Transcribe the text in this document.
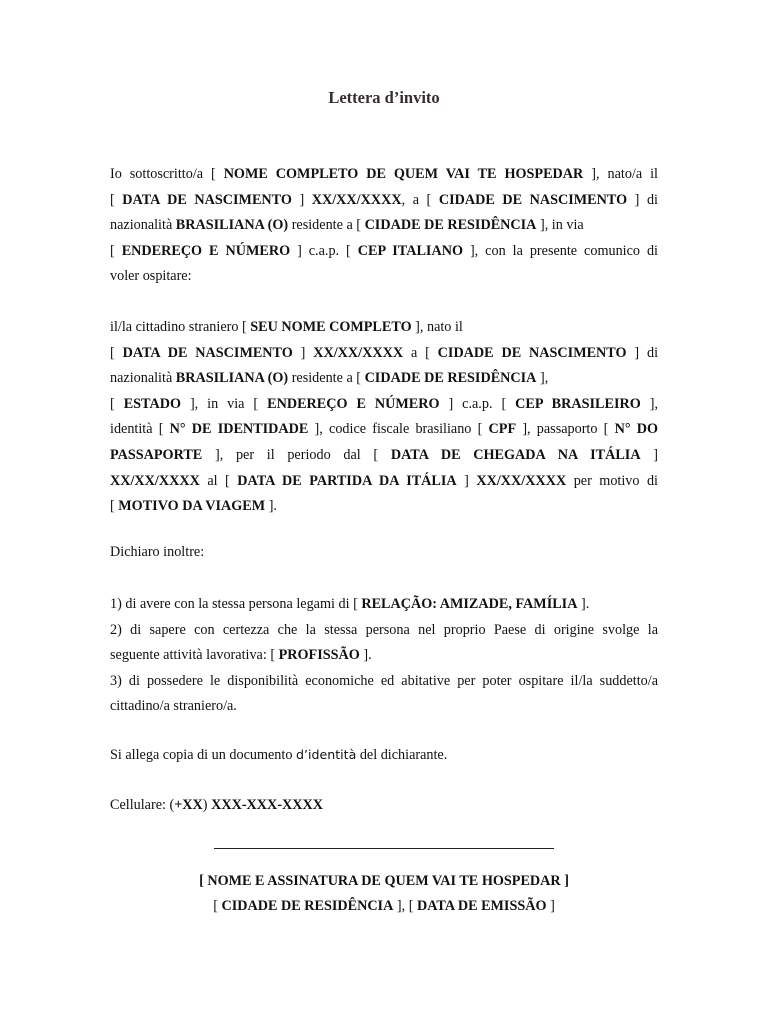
Lettera d’invito
Io sottoscritto/a [ NOME COMPLETO DE QUEM VAI TE HOSPEDAR ], nato/a il
[ DATA DE NASCIMENTO ] XX/XX/XXXX, a [ CIDADE DE NASCIMENTO ] di
nazionalità BRASILIANA (O) residente a [ CIDADE DE RESIDÊNCIA ], in via
[ ENDEREÇO E NÚMERO ] c.a.p. [ CEP ITALIANO ], con la presente comunico di
voler ospitare:
il/la cittadino straniero [ SEU NOME COMPLETO ], nato il
[ DATA DE NASCIMENTO ] XX/XX/XXXX a [ CIDADE DE NASCIMENTO ] di
nazionalità BRASILIANA (O) residente a [ CIDADE DE RESIDÊNCIA ],
[ ESTADO ], in via [ ENDEREÇO E NÚMERO ] c.a.p. [ CEP BRASILEIRO ],
identità [ N° DE IDENTIDADE ], codice fiscale brasiliano [ CPF ], passaporto [ N° DO
PASSAPORTE ], per il periodo dal [ DATA DE CHEGADA NA ITÁLIA ]
XX/XX/XXXX al [ DATA DE PARTIDA DA ITÁLIA ] XX/XX/XXXX per motivo di
[ MOTIVO DA VIAGEM ].
Dichiaro inoltre:
1) di avere con la stessa persona legami di [ RELAÇÃO: AMIZADE, FAMÍLIA ].
2) di sapere con certezza che la stessa persona nel proprio Paese di origine svolge la
seguente attività lavorativa: [ PROFISSÃO ].
3) di possedere le disponibilità economiche ed abitative per poter ospitare il/la suddetto/a
cittadino/a straniero/a.
Si allega copia di un documento d’identità del dichiarante.
Cellulare: (+XX) XXX-XXX-XXXX
[ NOME E ASSINATURA DE QUEM VAI TE HOSPEDAR ]
[ CIDADE DE RESIDÊNCIA ], [ DATA DE EMISSÃO ]
